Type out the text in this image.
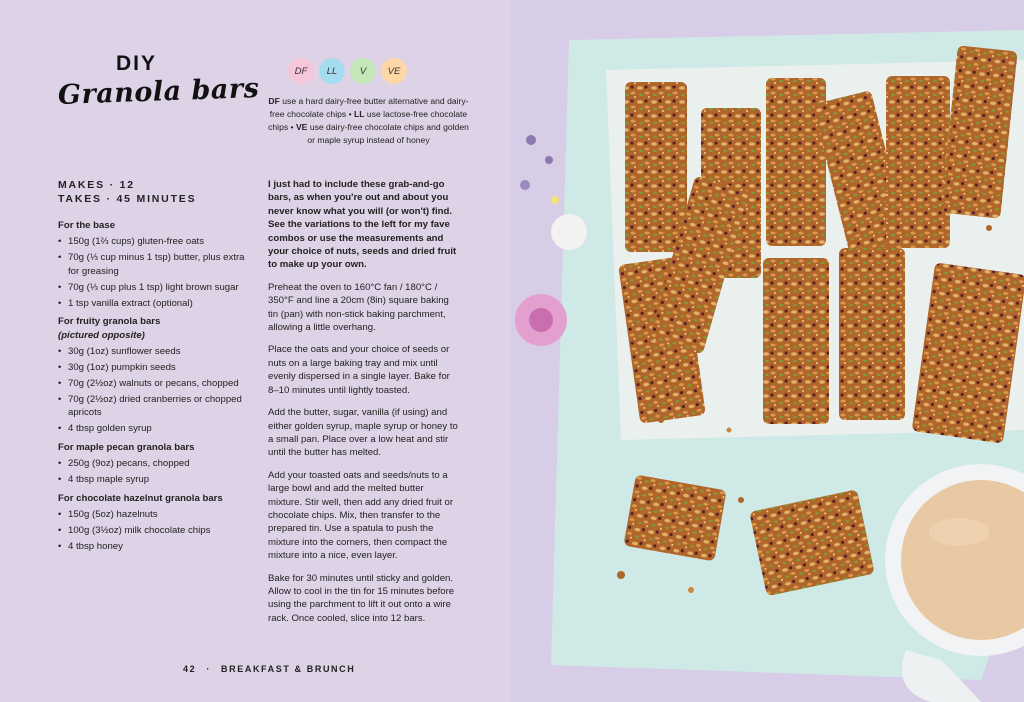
DIY
Granola bars
DF	LL	V	VE
DF use a hard dairy-free butter alternative and dairy-free chocolate chips • LL use lactose-free chocolate chips • VE use dairy-free chocolate chips and golden or maple syrup instead of honey
MAKES · 12
TAKES · 45 MINUTES
For the base
• 150g (1⅔ cups) gluten-free oats
• 70g (⅓ cup minus 1 tsp) butter, plus extra for greasing
• 70g (⅓ cup plus 1 tsp) light brown sugar
• 1 tsp vanilla extract (optional)
For fruity granola bars
(pictured opposite)
• 30g (1oz) sunflower seeds
• 30g (1oz) pumpkin seeds
• 70g (2½oz) walnuts or pecans, chopped
• 70g (2½oz) dried cranberries or chopped apricots
• 4 tbsp golden syrup
For maple pecan granola bars
• 250g (9oz) pecans, chopped
• 4 tbsp maple syrup
For chocolate hazelnut granola bars
• 150g (5oz) hazelnuts
• 100g (3½oz) milk chocolate chips
• 4 tbsp honey

I just had to include these grab-and-go bars, as when you're out and about you never know what you will (or won't) find. See the variations to the left for my fave combos or use the measurements and your choice of nuts, seeds and dried fruit to make up your own.

Preheat the oven to 160°C fan / 180°C / 350°F and line a 20cm (8in) square baking tin (pan) with non-stick baking parchment, allowing a little overhang.

Place the oats and your choice of seeds or nuts on a large baking tray and mix until evenly dispersed in a single layer. Bake for 8–10 minutes until lightly toasted.

Add the butter, sugar, vanilla (if using) and either golden syrup, maple syrup or honey to a small pan. Place over a low heat and stir until the butter has melted.

Add your toasted oats and seeds/nuts to a large bowl and add the melted butter mixture. Stir well, then add any dried fruit or chocolate chips. Mix, then transfer to the prepared tin. Use a spatula to push the mixture into the corners, then compact the mixture into a nice, even layer.

Bake for 30 minutes until sticky and golden. Allow to cool in the tin for 15 minutes before using the parchment to lift it out onto a wire rack. Once cooled, slice into 12 bars.

42 · BREAKFAST & BRUNCH
